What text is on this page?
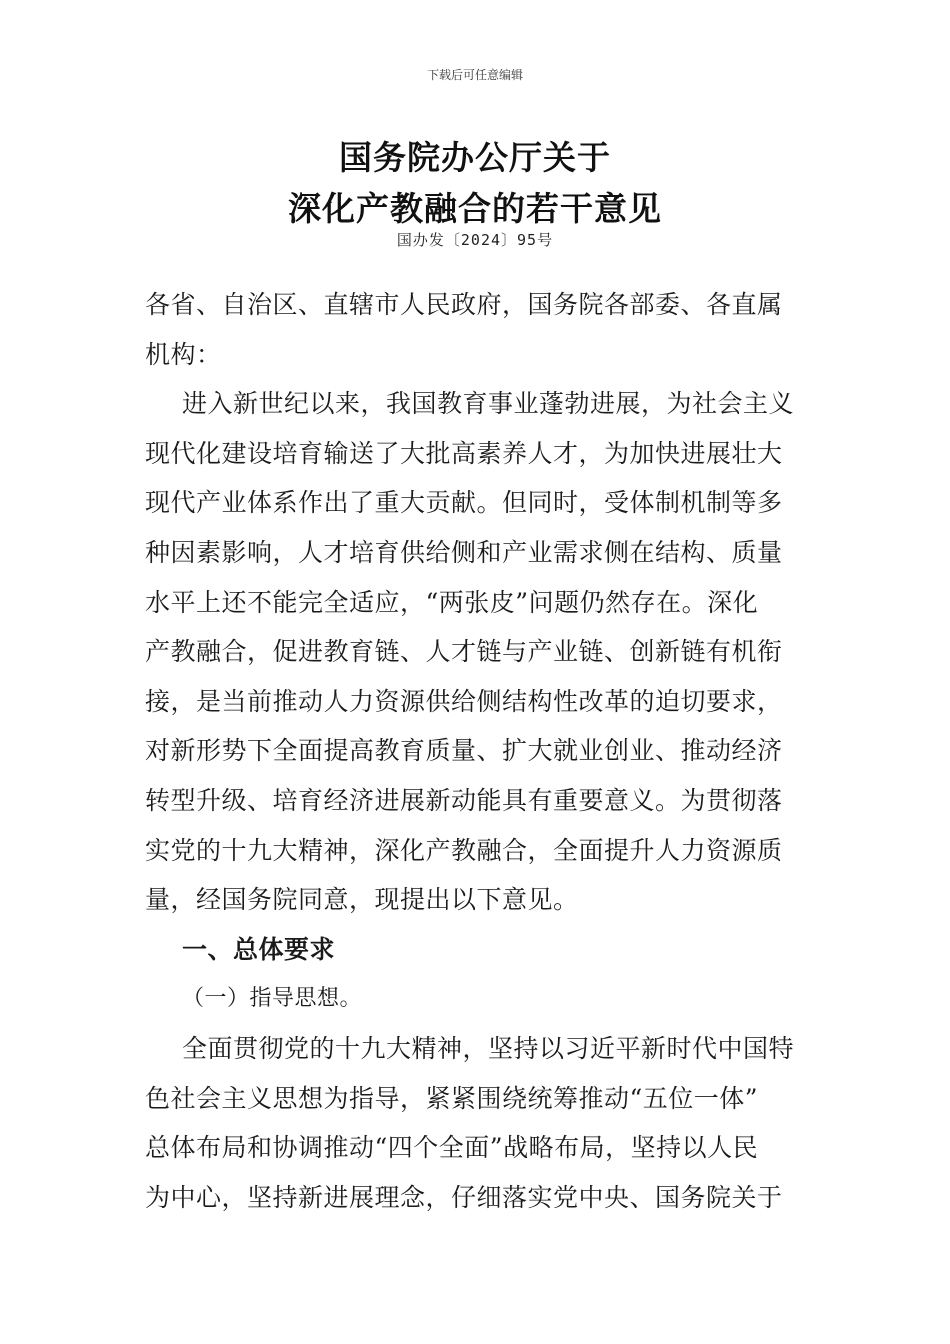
下载后可任意编辑
国务院办公厅关于
深化产教融合的若干意见
国办发〔2024〕95号
各省、自治区、直辖市人民政府，国务院各部委、各直属
机构：
进入新世纪以来，我国教育事业蓬勃进展，为社会主义
现代化建设培育输送了大批高素养人才，为加快进展壮大
现代产业体系作出了重大贡献。但同时，受体制机制等多
种因素影响，人才培育供给侧和产业需求侧在结构、质量
水平上还不能完全适应，“两张皮”问题仍然存在。深化
产教融合，促进教育链、人才链与产业链、创新链有机衔
接，是当前推动人力资源供给侧结构性改革的迫切要求，
对新形势下全面提高教育质量、扩大就业创业、推动经济
转型升级、培育经济进展新动能具有重要意义。为贯彻落
实党的十九大精神，深化产教融合，全面提升人力资源质
量，经国务院同意，现提出以下意见。
一、总体要求
（一）指导思想。
全面贯彻党的十九大精神，坚持以习近平新时代中国特
色社会主义思想为指导，紧紧围绕统筹推动“五位一体”
总体布局和协调推动“四个全面”战略布局，坚持以人民
为中心，坚持新进展理念，仔细落实党中央、国务院关于
